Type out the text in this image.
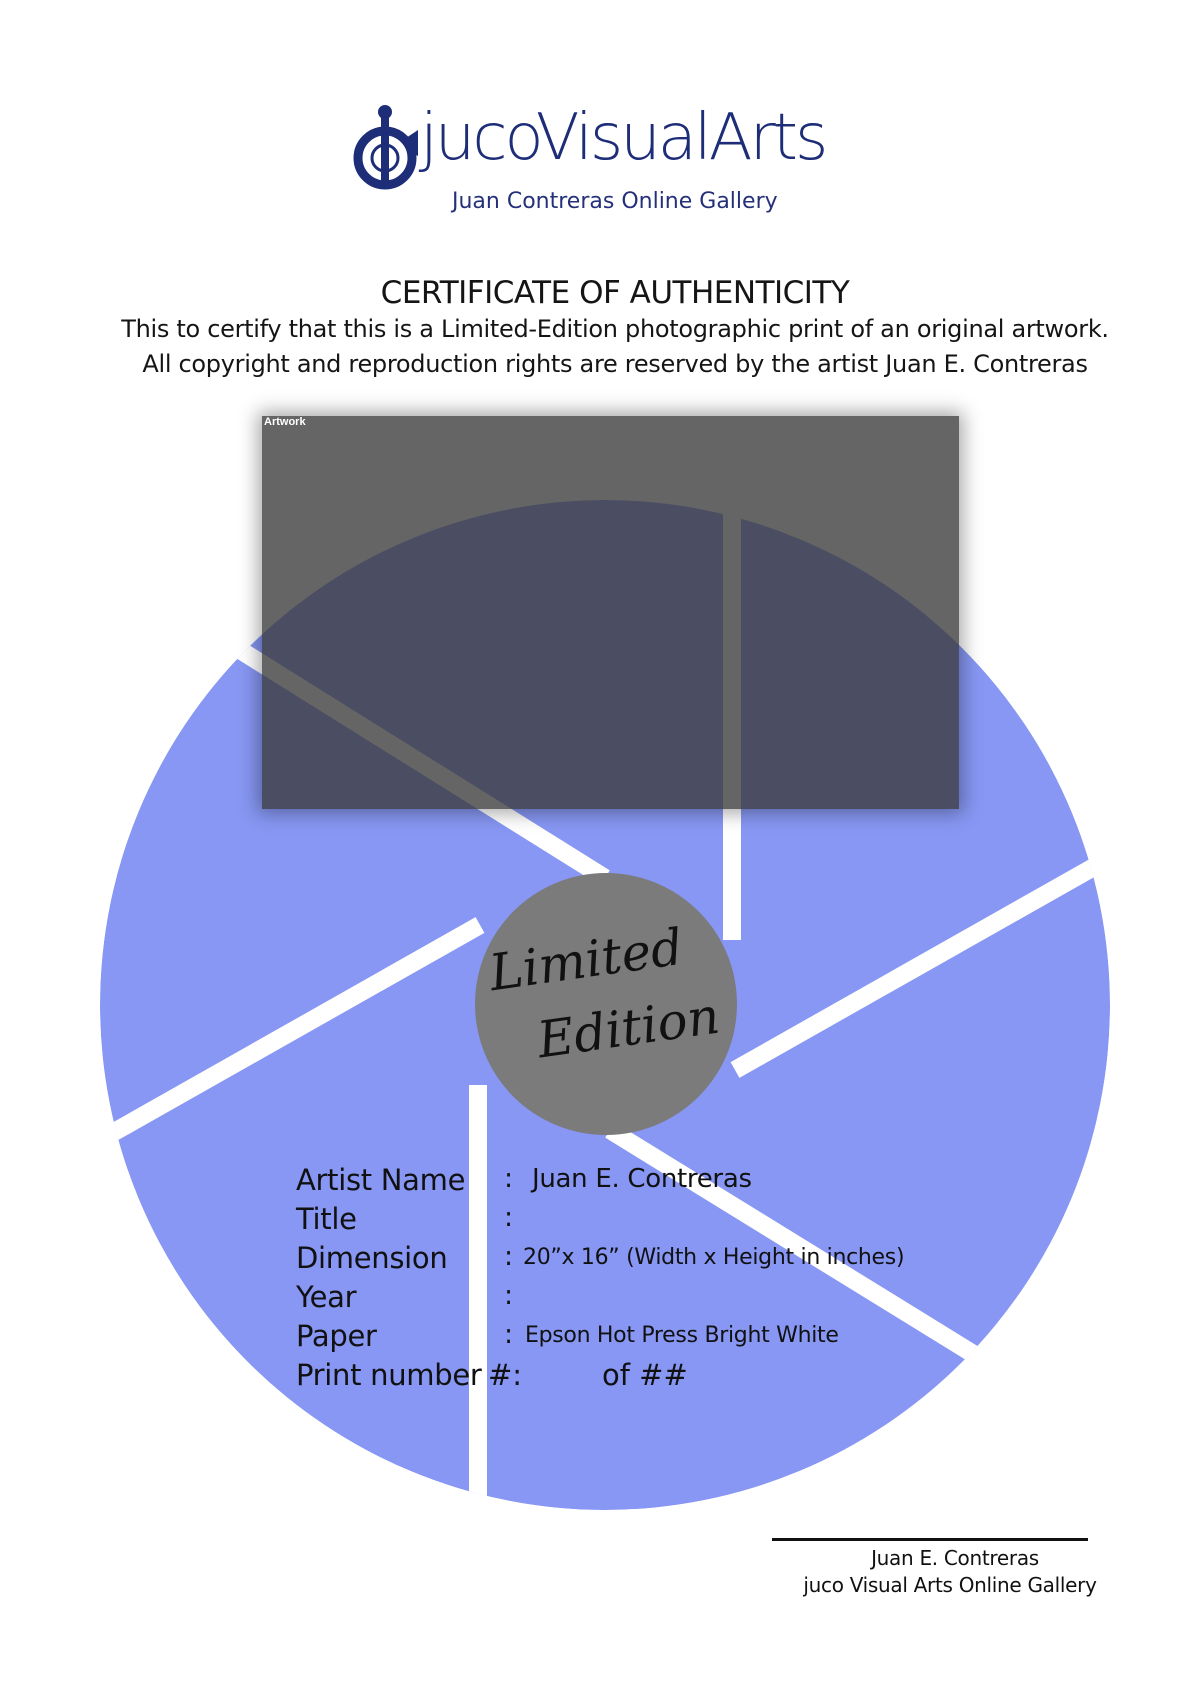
jucoVisualArts
Juan Contreras Online Gallery
CERTIFICATE OF AUTHENTICITY
This to certify that this is a Limited-Edition photographic print of an original artwork.
All copyright and reproduction rights are reserved by the artist Juan E. Contreras
Artwork
Limited
Edition
Artist Name : Juan E. Contreras
Title	:
Dimension : 20”x 16” (Width x Height in inches)
Year	:
Paper	: Epson Hot Press Bright White
Print number #:	of ##
Juan E. Contreras
juco Visual Arts Online Gallery
